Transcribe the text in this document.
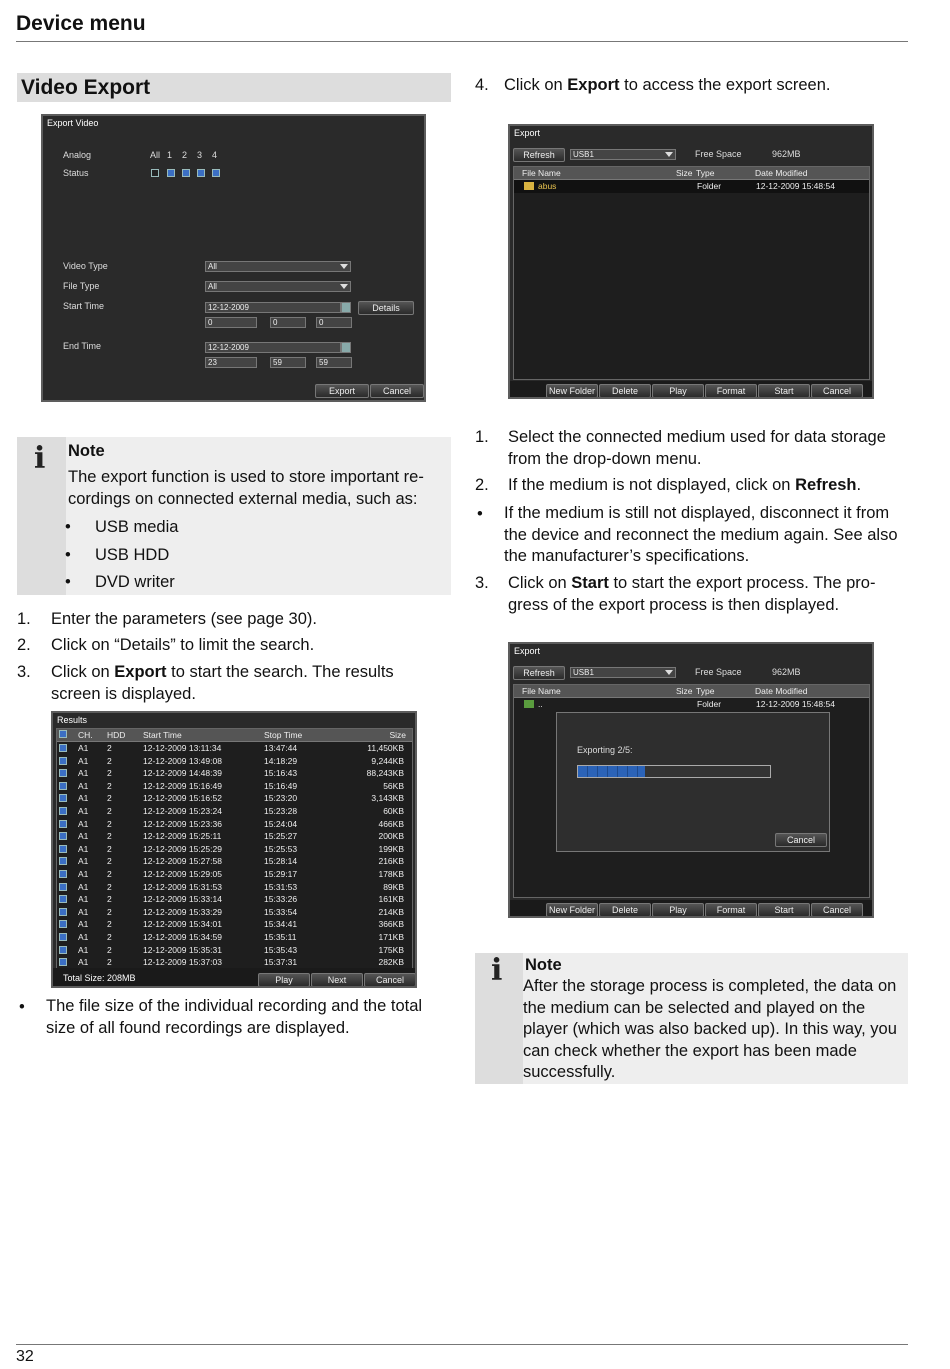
Device menu
Video Export
Export Video
Analog	All 1 2 3 4
Status
Video Type	All
File Type	All
Start Time	12-12-2009	Details
0	0	0
End Time	12-12-2009
23	59	59
Export	Cancel
i Note
The export function is used to store important re-cordings on connected external media, such as:
• USB media
• USB HDD
• DVD writer
1.	Enter the parameters (see page 30).
2.	Click on “Details” to limit the search.
3.	Click on Export to start the search. The results screen is displayed.
Results
CH. HDD Start Time	Stop Time	Size
A1 2	12-12-2009 13:11:34	13:47:44	11,450KB
A1 2	12-12-2009 13:49:08	14:18:29	9,244KB
A1 2	12-12-2009 14:48:39	15:16:43	88,243KB
A1 2	12-12-2009 15:16:49	15:16:49	56KB
A1 2	12-12-2009 15:16:52	15:23:20	3,143KB
A1 2	12-12-2009 15:23:24	15:23:28	60KB
A1 2	12-12-2009 15:23:36	15:24:04	466KB
A1 2	12-12-2009 15:25:11	15:25:27	200KB
A1 2	12-12-2009 15:25:29	15:25:53	199KB
A1 2	12-12-2009 15:27:58	15:28:14	216KB
A1 2	12-12-2009 15:29:05	15:29:17	178KB
A1 2	12-12-2009 15:31:53	15:31:53	89KB
A1 2	12-12-2009 15:33:14	15:33:26	161KB
A1 2	12-12-2009 15:33:29	15:33:54	214KB
A1 2	12-12-2009 15:34:01	15:34:41	366KB
A1 2	12-12-2009 15:34:59	15:35:11	171KB
A1 2	12-12-2009 15:35:31	15:35:43	175KB
A1 2	12-12-2009 15:37:03	15:37:31	282KB
Total Size: 208MB	Play	Next	Cancel
• The file size of the individual recording and the total size of all found recordings are displayed.
4. Click on Export to access the export screen.
Export
Refresh	USB1	Free Space	962MB
File Name	Size Type	Date Modified
abus	Folder	12-12-2009 15:48:54
New Folder	Delete	Play	Format	Start	Cancel
1.	Select the connected medium used for data storage from the drop-down menu.
2.	If the medium is not displayed, click on Refresh.
• If the medium is still not displayed, disconnect it from the device and reconnect the medium again. See also the manufacturer’s specifications.
3.	Click on Start to start the export process. The pro-gress of the export process is then displayed.
Export
Refresh	USB1	Free Space	962MB
File Name	Size Type	Date Modified
..	Folder	12-12-2009 15:48:54
Exporting 2/5:
Cancel
New Folder	Delete	Play	Format	Start	Cancel
i Note
After the storage process is completed, the data on the medium can be selected and played on the player (which was also backed up). In this way, you can check whether the export has been made successfully.
32
